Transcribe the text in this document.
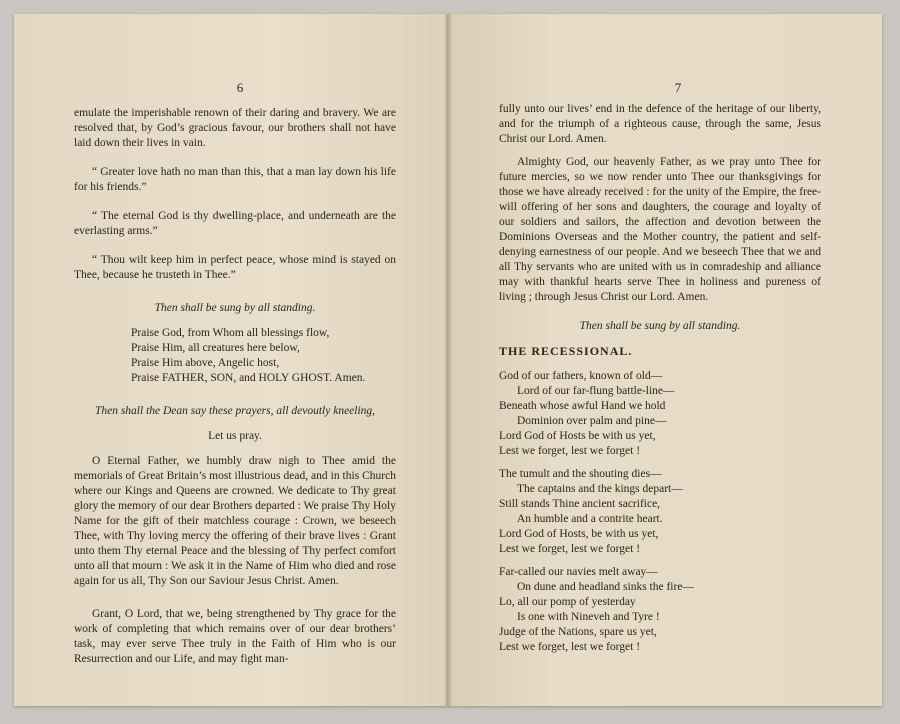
6

emulate the imperishable renown of their daring and bravery. We are resolved that, by God’s gracious favour, our brothers shall not have laid down their lives in vain.

“ Greater love hath no man than this, that a man lay down his life for his friends.”

“ The eternal God is thy dwelling-place, and underneath are the everlasting arms.”

“ Thou wilt keep him in perfect peace, whose mind is stayed on Thee, because he trusteth in Thee.”

Then shall be sung by all standing.

Praise God, from Whom all blessings flow,
Praise Him, all creatures here below,
Praise Him above, Angelic host,
Praise FATHER, SON, and HOLY GHOST. Amen.

Then shall the Dean say these prayers, all devoutly kneeling,

Let us pray.

O Eternal Father, we humbly draw nigh to Thee amid the memorials of Great Britain’s most illustrious dead, and in this Church where our Kings and Queens are crowned. We dedicate to Thy great glory the memory of our dear Brothers departed : We praise Thy Holy Name for the gift of their matchless courage : Crown, we beseech Thee, with Thy loving mercy the offering of their brave lives : Grant unto them Thy eternal Peace and the blessing of Thy perfect comfort unto all that mourn : We ask it in the Name of Him who died and rose again for us all, Thy Son our Saviour Jesus Christ. Amen.

Grant, O Lord, that we, being strengthened by Thy grace for the work of completing that which remains over of our dear brothers’ task, may ever serve Thee truly in the Faith of Him who is our Resurrection and our Life, and may fight man-

7

fully unto our lives’ end in the defence of the heritage of our liberty, and for the triumph of a righteous cause, through the same, Jesus Christ our Lord. Amen.

Almighty God, our heavenly Father, as we pray unto Thee for future mercies, so we now render unto Thee our thanksgivings for those we have already received : for the unity of the Empire, the free-will offering of her sons and daughters, the courage and loyalty of our soldiers and sailors, the affection and devotion between the Dominions Overseas and the Mother country, the patient and self-denying earnestness of our people. And we beseech Thee that we and all Thy servants who are united with us in comradeship and alliance may with thankful hearts serve Thee in holiness and pureness of living ; through Jesus Christ our Lord. Amen.

Then shall be sung by all standing.

THE RECESSIONAL.

God of our fathers, known of old—
Lord of our far-flung battle-line—
Beneath whose awful Hand we hold
Dominion over palm and pine—
Lord God of Hosts be with us yet,
Lest we forget, lest we forget !
The tumult and the shouting dies—
The captains and the kings depart—
Still stands Thine ancient sacrifice,
An humble and a contrite heart.
Lord God of Hosts, be with us yet,
Lest we forget, lest we forget !
Far-called our navies melt away—
On dune and headland sinks the fire—
Lo, all our pomp of yesterday
Is one with Nineveh and Tyre !
Judge of the Nations, spare us yet,
Lest we forget, lest we forget !
